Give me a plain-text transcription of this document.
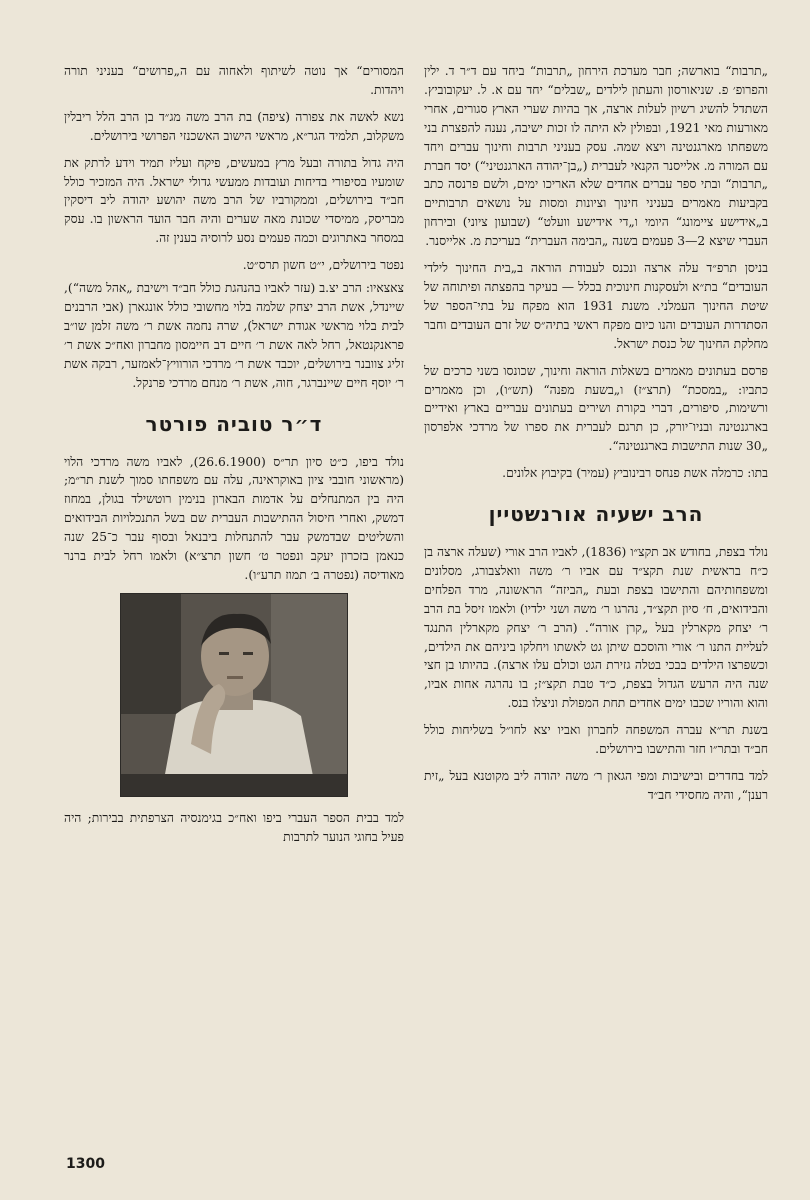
„תרבות“ בוארשה; חבר מערכת הירחון „תרבות“ ביחד עם ד״ר ד. ילין והפרופ׳ פ. שניאורסון והעתון לילדים „שבלים“ יחד עם א. ל. יעקובוביץ. השתדל להשיג רשיון לעלות ארצה, אך בהיות שערי הארץ סגורים, אחרי מאורעות מאי 1921, ובפולין לא היתה לו זכות ישיבה, נענה להפצרת בני משפחתו מארגנטינה ויצא שמה. עסק בעניני תרבות וחינוך עברים ויחד עם המורה מ. אלייסנר הקנאי לעברית („בן־יהודה הארגנטיני“) יסד חברת „תרבות“ ובתי ספר עברים אחדים שלא האריכו ימים, ולשם פרנסה כתב בקביעות מאמרים בעניני חינוך וציונות ומסות על נושאים תרבותיים ב„אידישע ציימונג“ היומי ו„די אידישע וועלט“ (שבועון ציוני) ובירחון העברי שיצא 2—3 פעמים בשנה „הבימה העברית“ בעריכת מ. אלייסנר.

בניסן תרפ״ד עלה ארצה ונכנס לעבודת הוראה ב„בית החינוך לילדי העובדים“ בת״א ולעסקנות חינוכית בכלל — בעיקר בהפצתה ופיתוחה של שיטת החינוך העמלני. משנת 1931 הוא מפקח על בתי־הספר של הסתדרות העובדים והנו כיום מפקח ראשי בתיה״ס של זרם העובדים וחבר מחלקת החינוך של כנסת ישראל.

פרסם בעתונים מאמרים בשאלות הוראה וחינוך, שכונסו בשני כרכים של כתביו: „במסכת“ (תרצ״ז) ו„בשעת מפנה“ (תש״ו), וכן מאמרים ורשימות, סיפורים, דברי בקורת ושירים בעתונים עבריים בארץ ואידיים בארגנטינה ובניו־יורק, כן תרגם לעברית את ספרו של מרדכי אלפרסון „30 שנות התישבות בארגנטינה“.

בתו: כרמלה אשת פנחס רבינוביץ (עמיר) בקיבוץ אלונים.

הרב ישעיה אורנשטיין

נולד בצפת, בחודש אב תקצ״ו (1836), לאביו הרב אורי (שעלה ארצה בן כ״ח בראשית שנת תקצ״ד עם אביו ר׳ משה וואלצבורג, מסלונים ומשפחותיהם והתישבו בצפת ובעת „הביזה“ הראשונה, מרד הפלחים והבידואים, ח׳ סיון תקצ״ד, נהרגו ר׳ משה ושני ילדיו) ולאמו זיסל בת הרב ר׳ יצחק מקארלין בעל „קרן אורה“. (הרב ר׳ יצחק מקארלין התנגד לעליית התנו ר׳ אורי והוסכם שיתן גט לאשתו ויחלקו ביניהם את הילדים, וכשפרצו הילדים בבכי בטלה גזירת הגט וכולם עלו ארצה). בהיותו בן חצי שנה היה הרעש הגדול בצפת, כ״ד טבת תקצ״ז; בו נהרגה אחות אביו, והוא והוריו שכבו ימים אחדים תחת המפולת וניצלו בנס.

בשנת תר״א עברה המשפחה לחברון ואביו יצא לחו״ל בשליחות כולל חב״ד ובתר״ו חזר והתישבו בירושלים.

למד בחדרים ובישיבות ומפי הגאון ר׳ משה יהודה ליב מקוטנא בעל „זית רענן“, והיה מחסידי חב״ד

המסורים“ אך נוטה לשיתוף ולאחוה עם ה„פרושים“ בעניני תורה ויהדות.

נשא לאשה את צפורה (ציפה) בת הרב משה מג״ד בן הרב הלל ריבלין משקלוב, תלמיד הגר״א, מראשי הישוב האשכנזי הפרושי בירושלים.

היה גדול בתורה ובעל מרץ במעשים, פיקח ועליז תמיד וידע לרתק את שומעיו בסיפורי בדיחות ועובדות ממעשי גדולי ישראל. היה המזכיר כולל חב״ד בירושלים, וממקורביו של הרב משה יהושע יהודה ליב דיסקין מבריסק, ממיסדי שכונת מאה שערים והיה חבר הועד הראשון בו. עסק במסחר באתרוגים וכמה פעמים נסע לרוסיה בענין זה.

נפטר בירושלים, י״ט חשון תרס״ט.

צאצאיו: הרב יצ.ב (עזר לאביו בהנהגת כולל חב״ד וישיבת „אהל משה“), שיינדל, אשת הרב יצחק שלמה בלוי מחשובי כולל אונגארן (אבי הרבנים לבית בלוי מראשי אגודת ישראל), שרה נחמה אשת ר׳ משה זלמן שו״ב פראנקנטאל, רחל לאה אשת ר׳ חיים דב חיימסון מחברון ואח״כ אשת ר׳ זליג צוובנר בירושלים, יוכבד אשת ר׳ מרדכי הורוויץ־לאמזער, רבקה אשת ר׳ יוסף חיים שיינברגר, חוה, אשת ר׳ מנחם מרדכי פרנקל.

ד״ר טוביה פורטר

נולד ביפו, כ״ט סיון תר״ס (26.6.1900), לאביו משה מרדכי הלוי (מראשוני חובבי ציון באוקראינה, עלה עם משפחתו סמוך לשנת תר״מ; היה בין המתנחלים על אדמות הבארון בנימין רוטשילד בגולן, במחוז דמשק, ואחרי חיסול ההתישבות העברית שם בשל התנכלויות הבידואים והשליטים שבדמשק עבר להתנחלות ביבנאל ובסוף עבר כ־25 שנה כנאמן בזכרון יעקב ונפטר ט׳ חשון תרצ״א) ולאמו רחל לבית ברנר מאודיסה (נפטרה ב׳ תמוז תרע״ו).

למד בבית הספר העברי ביפו ואח״כ בגימנסיה הצרפתית בבירות; היה פעיל בחוגי הנוער לתרבות

1300
